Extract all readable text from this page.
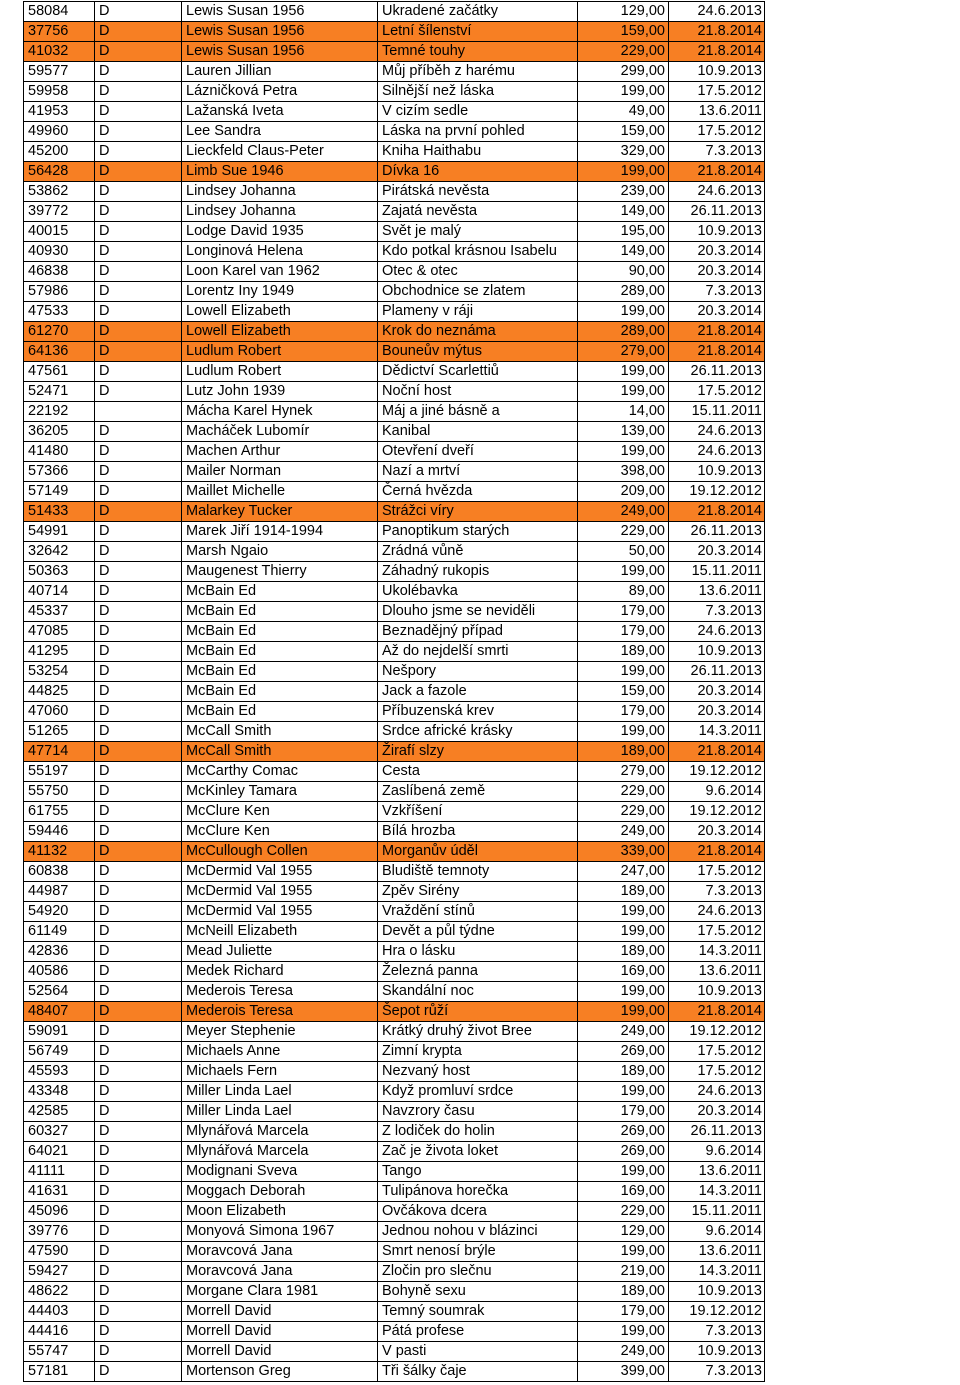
58084	D	Lewis Susan 1956	Ukradené začátky	129,00	24.6.2013
37756	D	Lewis Susan 1956	Letní šílenství	159,00	21.8.2014
41032	D	Lewis Susan 1956	Temné touhy	229,00	21.8.2014
59577	D	Lauren Jillian	Můj příběh z harému	299,00	10.9.2013
59958	D	Lázničková Petra	Silnější než láska	199,00	17.5.2012
41953	D	Lažanská Iveta	V cizím sedle	49,00	13.6.2011
49960	D	Lee Sandra	Láska na první pohled	159,00	17.5.2012
45200	D	Lieckfeld Claus-Peter	Kniha Haithabu	329,00	7.3.2013
56428	D	Limb Sue 1946	Dívka 16	199,00	21.8.2014
53862	D	Lindsey Johanna	Pirátská nevěsta	239,00	24.6.2013
39772	D	Lindsey Johanna	Zajatá nevěsta	149,00	26.11.2013
40015	D	Lodge David 1935	Svět je malý	195,00	10.9.2013
40930	D	Longinová Helena	Kdo potkal krásnou Isabelu	149,00	20.3.2014
46838	D	Loon Karel van 1962	Otec & otec	90,00	20.3.2014
57986	D	Lorentz Iny 1949	Obchodnice se zlatem	289,00	7.3.2013
47533	D	Lowell Elizabeth	Plameny v ráji	199,00	20.3.2014
61270	D	Lowell Elizabeth	Krok do neznáma	289,00	21.8.2014
64136	D	Ludlum Robert	Bouneův mýtus	279,00	21.8.2014
47561	D	Ludlum Robert	Dědictví Scarlettiů	199,00	26.11.2013
52471	D	Lutz John 1939	Noční host	199,00	17.5.2012
22192		Mácha Karel Hynek	Máj a jiné básně a	14,00	15.11.2011
36205	D	Macháček Lubomír	Kanibal	139,00	24.6.2013
41480	D	Machen Arthur	Otevření dveří	199,00	24.6.2013
57366	D	Mailer Norman	Nazí a mrtví	398,00	10.9.2013
57149	D	Maillet Michelle	Černá hvězda	209,00	19.12.2012
51433	D	Malarkey Tucker	Strážci víry	249,00	21.8.2014
54991	D	Marek Jiří 1914-1994	Panoptikum starých	229,00	26.11.2013
32642	D	Marsh Ngaio	Zrádná vůně	50,00	20.3.2014
50363	D	Maugenest Thierry	Záhadný rukopis	199,00	15.11.2011
40714	D	McBain Ed	Ukolébavka	89,00	13.6.2011
45337	D	McBain Ed	Dlouho jsme se neviděli	179,00	7.3.2013
47085	D	McBain Ed	Beznadějný případ	179,00	24.6.2013
41295	D	McBain Ed	Až do nejdelší smrti	189,00	10.9.2013
53254	D	McBain Ed	Nešpory	199,00	26.11.2013
44825	D	McBain Ed	Jack a fazole	159,00	20.3.2014
47060	D	McBain Ed	Příbuzenská krev	179,00	20.3.2014
51265	D	McCall Smith	Srdce africké krásky	199,00	14.3.2011
47714	D	McCall Smith	Žirafí slzy	189,00	21.8.2014
55197	D	McCarthy Comac	Cesta	279,00	19.12.2012
55750	D	McKinley Tamara	Zaslíbená země	229,00	9.6.2014
61755	D	McClure Ken	Vzkříšení	229,00	19.12.2012
59446	D	McClure Ken	Bílá hrozba	249,00	20.3.2014
41132	D	McCullough Collen	Morganův úděl	339,00	21.8.2014
60838	D	McDermid Val 1955	Bludiště temnoty	247,00	17.5.2012
44987	D	McDermid Val 1955	Zpěv Sirény	189,00	7.3.2013
54920	D	McDermid Val 1955	Vraždění stínů	199,00	24.6.2013
61149	D	McNeill Elizabeth	Devět a půl týdne	199,00	17.5.2012
42836	D	Mead Juliette	Hra o lásku	189,00	14.3.2011
40586	D	Medek Richard	Železná panna	169,00	13.6.2011
52564	D	Mederois Teresa	Skandální noc	199,00	10.9.2013
48407	D	Mederois Teresa	Šepot růží	199,00	21.8.2014
59091	D	Meyer Stephenie	Krátký druhý život Bree	249,00	19.12.2012
56749	D	Michaels Anne	Zimní krypta	269,00	17.5.2012
45593	D	Michaels Fern	Nezvaný host	189,00	17.5.2012
43348	D	Miller Linda Lael	Když promluví srdce	199,00	24.6.2013
42585	D	Miller Linda Lael	Navzrory času	179,00	20.3.2014
60327	D	Mlynářová Marcela	Z lodiček do holin	269,00	26.11.2013
64021	D	Mlynářová Marcela	Zač je života loket	269,00	9.6.2014
41111	D	Modignani Sveva	Tango	199,00	13.6.2011
41631	D	Moggach Deborah	Tulipánova horečka	169,00	14.3.2011
45096	D	Moon Elizabeth	Ovčákova dcera	229,00	15.11.2011
39776	D	Monyová Simona 1967	Jednou nohou v blázinci	129,00	9.6.2014
47590	D	Moravcová Jana	Smrt nenosí brýle	199,00	13.6.2011
59427	D	Moravcová Jana	Zločin pro slečnu	219,00	14.3.2011
48622	D	Morgane Clara 1981	Bohyně sexu	189,00	10.9.2013
44403	D	Morrell David	Temný soumrak	179,00	19.12.2012
44416	D	Morrell David	Pátá profese	199,00	7.3.2013
55747	D	Morrell David	V pasti	249,00	10.9.2013
57181	D	Mortenson Greg	Tři šálky čaje	399,00	7.3.2013
